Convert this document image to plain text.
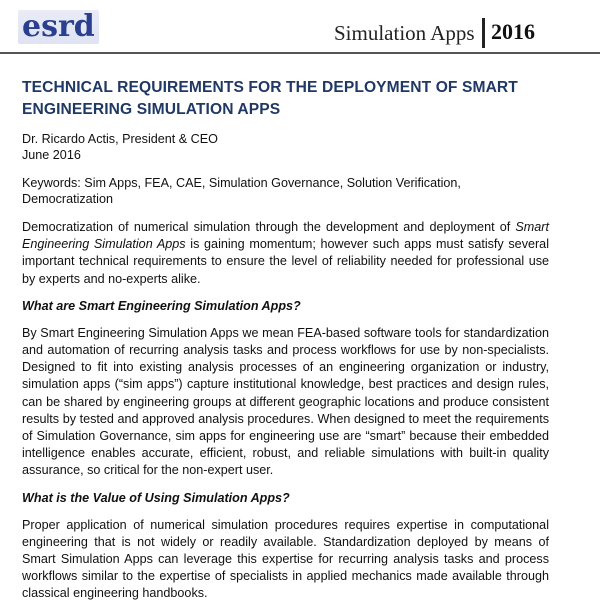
esrd	Simulation Apps 2016
TECHNICAL REQUIREMENTS FOR THE DEPLOYMENT OF SMART ENGINEERING SIMULATION APPS

Dr. Ricardo Actis, President & CEO

June 2016

Keywords: Sim Apps, FEA, CAE, Simulation Governance, Solution Verification, Democratization

Democratization of numerical simulation through the development and deployment of Smart Engineering Simulation Apps is gaining momentum; however such apps must satisfy several important technical requirements to ensure the level of reliability needed for professional use by experts and no-experts alike.

What are Smart Engineering Simulation Apps?

By Smart Engineering Simulation Apps we mean FEA-based software tools for standardization and automation of recurring analysis tasks and process workflows for use by non-specialists. Designed to fit into existing analysis processes of an engineering organization or industry, simulation apps (“sim apps”) capture institutional knowledge, best practices and design rules, can be shared by engineering groups at different geographic locations and produce consistent results by tested and approved analysis procedures. When designed to meet the requirements of Simulation Governance, sim apps for engineering use are “smart” because their embedded intelligence enables accurate, efficient, robust, and reliable simulations with built-in quality assurance, so critical for the non-expert user.

What is the Value of Using Simulation Apps?

Proper application of numerical simulation procedures requires expertise in computational engineering that is not widely or readily available. Standardization deployed by means of Smart Simulation Apps can leverage this expertise for recurring analysis tasks and process workflows similar to the expertise of specialists in applied mechanics made available through classical engineering handbooks.
